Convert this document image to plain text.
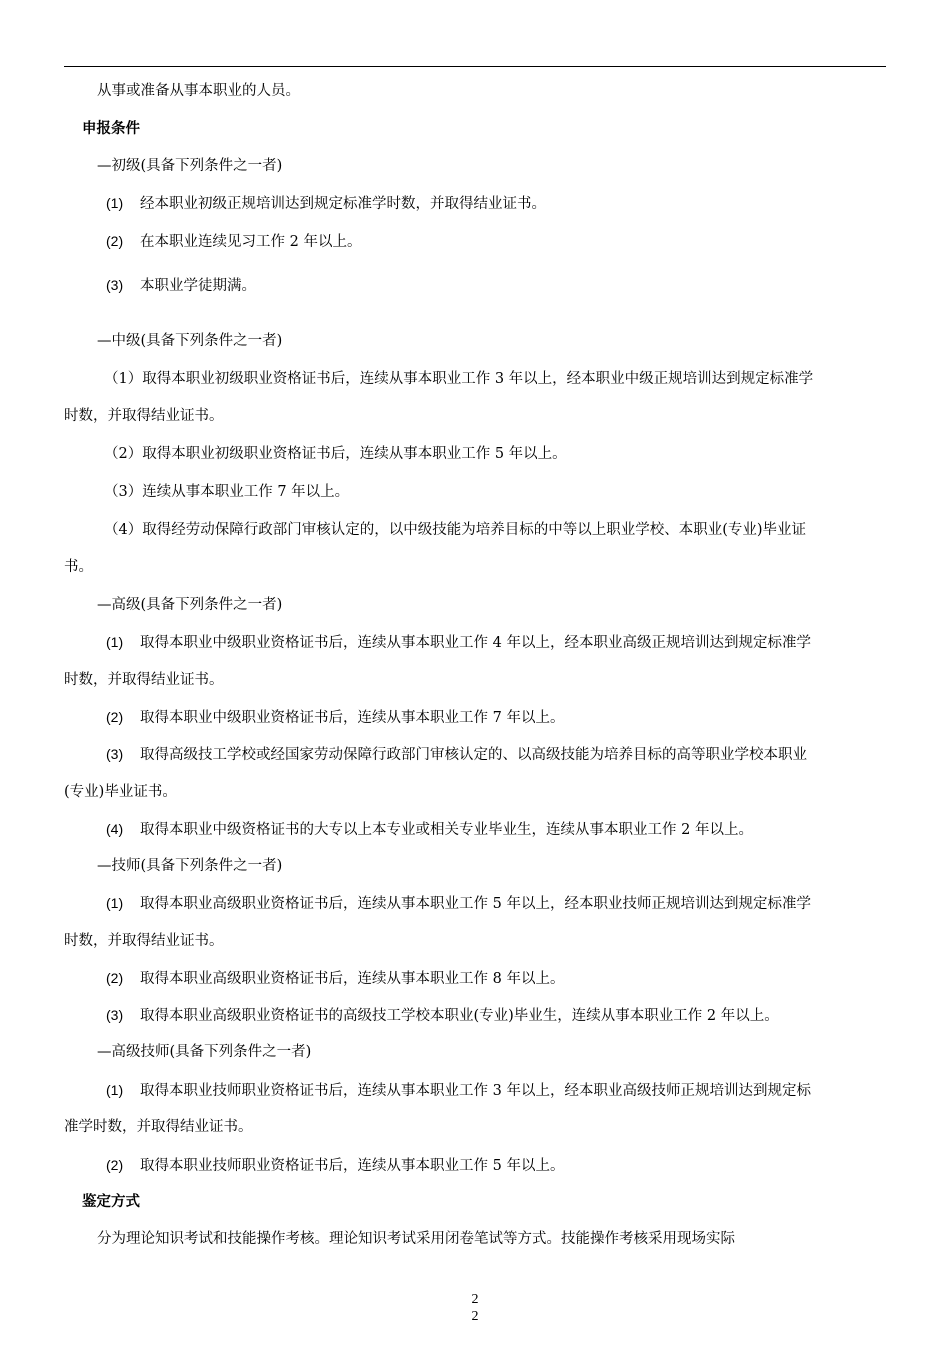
从事或准备从事本职业的人员。
申报条件
—初级(具备下列条件之一者)
(1) 经本职业初级正规培训达到规定标准学时数，并取得结业证书。
(2) 在本职业连续见习工作 2 年以上。
(3) 本职业学徒期满。
—中级(具备下列条件之一者)
（1）取得本职业初级职业资格证书后，连续从事本职业工作 3 年以上，经本职业中级正规培训达到规定标准学
时数，并取得结业证书。
（2）取得本职业初级职业资格证书后，连续从事本职业工作 5 年以上。
（3）连续从事本职业工作 7 年以上。
（4）取得经劳动保障行政部门审核认定的，以中级技能为培养目标的中等以上职业学校、本职业(专业)毕业证
书。
—高级(具备下列条件之一者)
(1) 取得本职业中级职业资格证书后，连续从事本职业工作 4 年以上，经本职业高级正规培训达到规定标准学
时数，并取得结业证书。
(2) 取得本职业中级职业资格证书后，连续从事本职业工作 7 年以上。
(3) 取得高级技工学校或经国家劳动保障行政部门审核认定的、以高级技能为培养目标的高等职业学校本职业
(专业)毕业证书。
(4) 取得本职业中级资格证书的大专以上本专业或相关专业毕业生，连续从事本职业工作 2 年以上。
—技师(具备下列条件之一者)
(1) 取得本职业高级职业资格证书后，连续从事本职业工作 5 年以上，经本职业技师正规培训达到规定标准学
时数，并取得结业证书。
(2) 取得本职业高级职业资格证书后，连续从事本职业工作 8 年以上。
(3) 取得本职业高级职业资格证书的高级技工学校本职业(专业)毕业生，连续从事本职业工作 2 年以上。
—高级技师(具备下列条件之一者)
(1) 取得本职业技师职业资格证书后，连续从事本职业工作 3 年以上，经本职业高级技师正规培训达到规定标
准学时数，并取得结业证书。
(2) 取得本职业技师职业资格证书后，连续从事本职业工作 5 年以上。
鉴定方式
分为理论知识考试和技能操作考核。理论知识考试采用闭卷笔试等方式。技能操作考核采用现场实际
2
2
